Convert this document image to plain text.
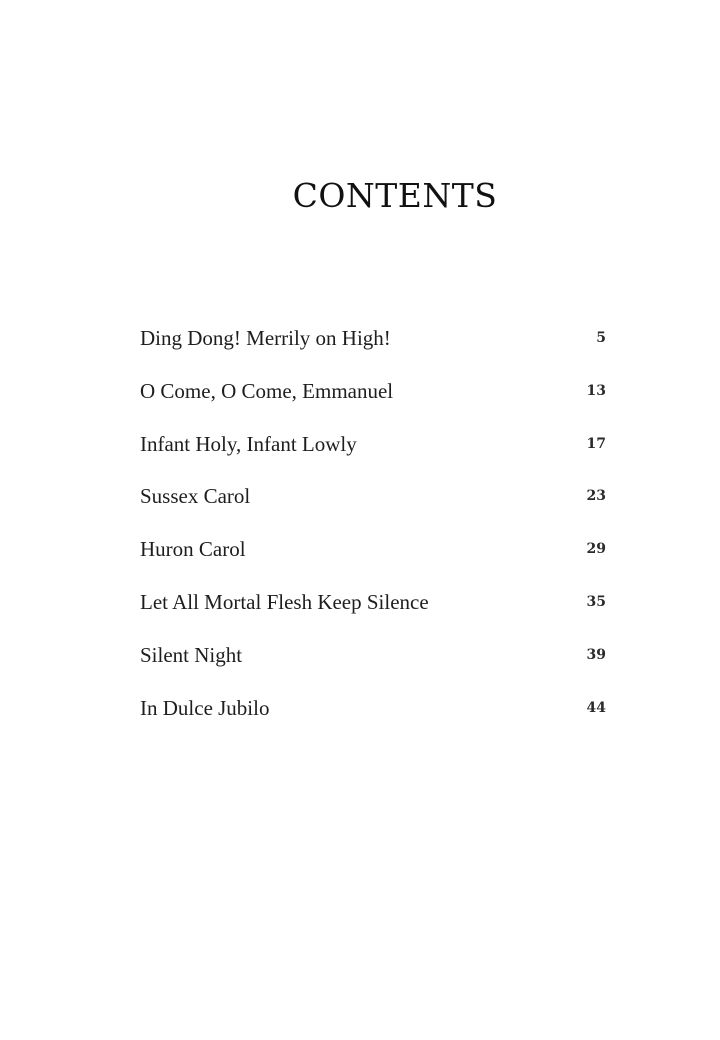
CONTENTS
Ding Dong! Merrily on High!	5
O Come, O Come, Emmanuel	13
Infant Holy, Infant Lowly	17
Sussex Carol	23
Huron Carol	29
Let All Mortal Flesh Keep Silence	35
Silent Night	39
In Dulce Jubilo	44
